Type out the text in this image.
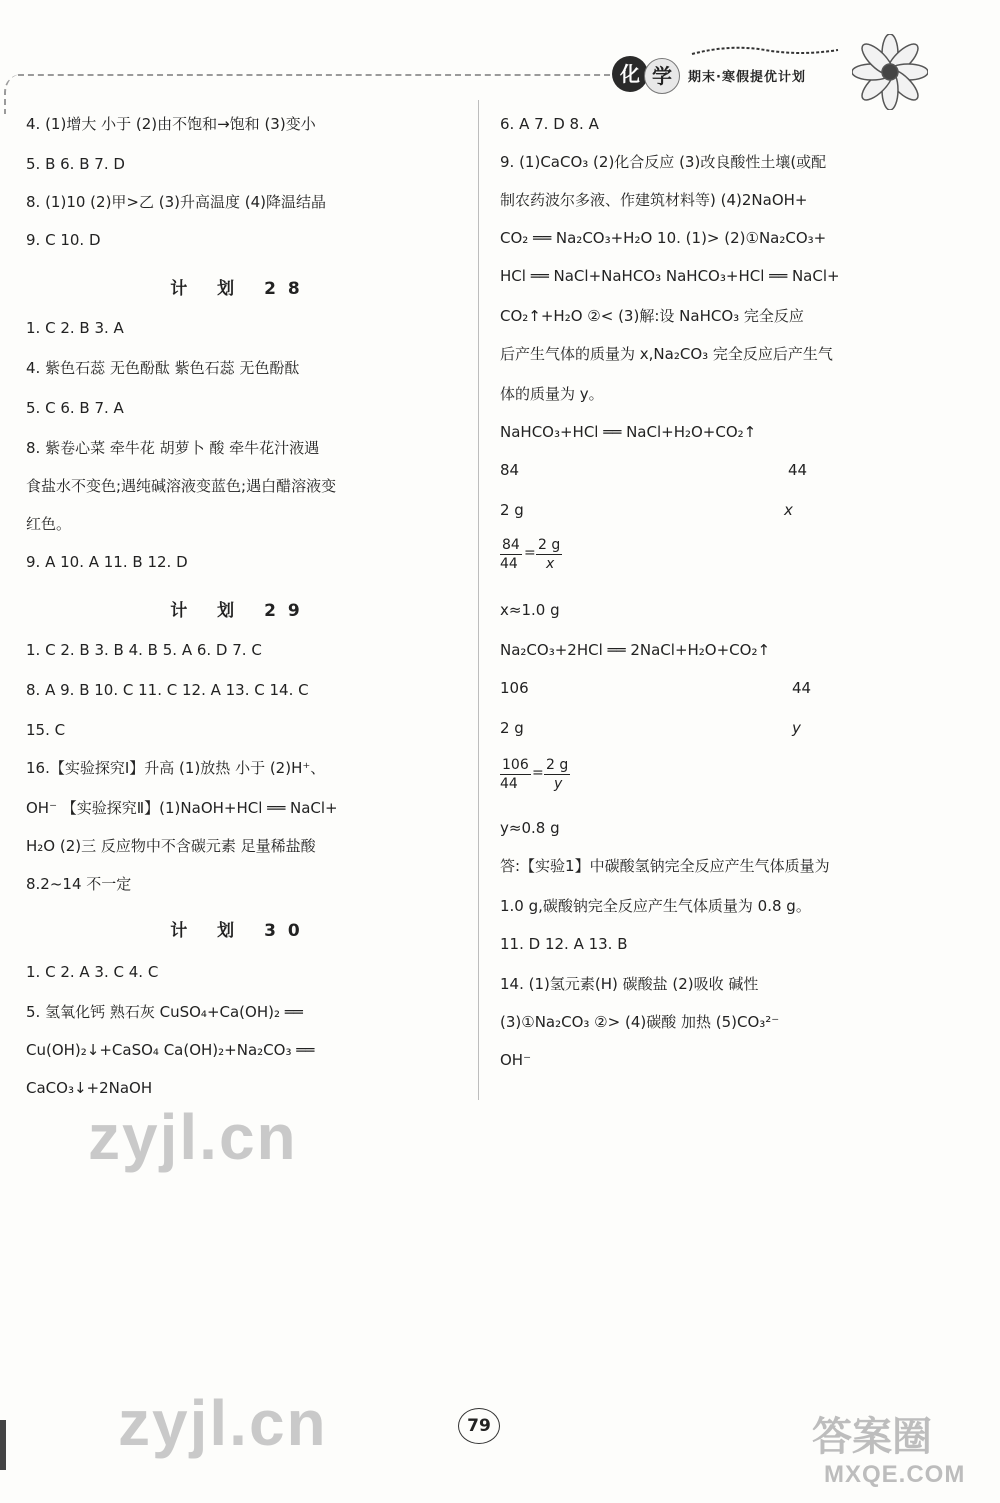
化 学	期末·寒假提优计划
4. (1)增大 小于 (2)由不饱和→饱和 (3)变小
5. B 6. B 7. D
8. (1)10 (2)甲>乙 (3)升高温度 (4)降温结晶
9. C 10. D
计 划 28
1. C 2. B 3. A
4. 紫色石蕊 无色酚酞 紫色石蕊 无色酚酞
5. C 6. B 7. A
8. 紫卷心菜 牵牛花 胡萝卜 酸 牵牛花汁液遇
食盐水不变色;遇纯碱溶液变蓝色;遇白醋溶液变
红色。
9. A 10. A 11. B 12. D
计 划 29
1. C 2. B 3. B 4. B 5. A 6. D 7. C
8. A 9. B 10. C 11. C 12. A 13. C 14. C
15. C
16.【实验探究Ⅰ】升高 (1)放热 小于 (2)H⁺、
OH⁻ 【实验探究Ⅱ】(1)NaOH+HCl ══ NaCl+
H₂O (2)三 反应物中不含碳元素 足量稀盐酸
8.2~14 不一定
计 划 30
1. C 2. A 3. C 4. C
5. 氢氧化钙 熟石灰 CuSO₄+Ca(OH)₂ ══
Cu(OH)₂↓+CaSO₄ Ca(OH)₂+Na₂CO₃ ══
CaCO₃↓+2NaOH
6. A 7. D 8. A
9. (1)CaCO₃ (2)化合反应 (3)改良酸性土壤(或配
制农药波尔多液、作建筑材料等) (4)2NaOH+
CO₂ ══ Na₂CO₃+H₂O 10. (1)> (2)①Na₂CO₃+
HCl ══ NaCl+NaHCO₃ NaHCO₃+HCl ══ NaCl+
CO₂↑+H₂O ②< (3)解:设 NaHCO₃ 完全反应
后产生气体的质量为 x,Na₂CO₃ 完全反应后产生气
体的质量为 y。
NaHCO₃+HCl ══ NaCl+H₂O+CO₂↑
84	44
2 g	x
$\frac{84}{44} = \frac{2 g}{x}$
x≈1.0 g
Na₂CO₃+2HCl ══ 2NaCl+H₂O+CO₂↑
106	44
2 g	y
$\frac{106}{44} = \frac{2 g}{y}$
y≈0.8 g
答:【实验1】中碳酸氢钠完全反应产生气体质量为
1.0 g,碳酸钠完全反应产生气体质量为 0.8 g。
11. D 12. A 13. B
14. (1)氢元素(H) 碳酸盐 (2)吸收 碱性
(3)①Na₂CO₃ ②> (4)碳酸 加热 (5)CO₃²⁻
OH⁻
zyjl.cn
zyjl.cn	79	答案圈
MXQE.COM
